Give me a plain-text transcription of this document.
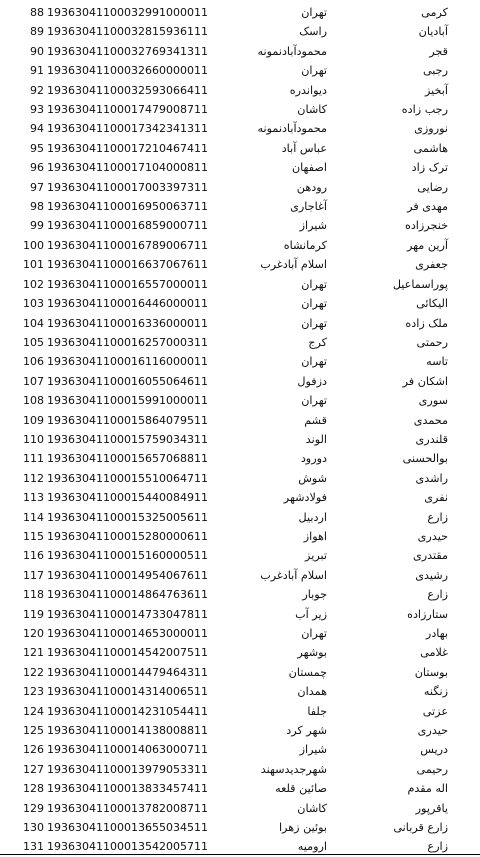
88	19363041100032991000011	تهران	کرمی
89	19363041100032815936111	راسک	آبادیان
90	19363041100032769341311	محمودآبادنمونه	قجر
91	19363041100032660000011	تهران	رجبی
92	19363041100032593066411	دیواندره	آبخیز
93	19363041100017479008711	کاشان	رجب زاده
94	19363041100017342341311	محمودآبادنمونه	نوروزی
95	19363041100017210467411	عباس آباد	هاشمی
96	19363041100017104000811	اصفهان	ترک زاد
97	19363041100017003397311	رودهن	رضایی
98	19363041100016950063711	آغاجاری	مهدی فر
99	19363041100016859000711	شیراز	خنجرزاده
100	19363041100016789006711	کرمانشاه	آرین مهر
101	19363041100016637067611	اسلام آبادغرب	جعفری
102	19363041100016557000011	تهران	پوراسماعیل
103	19363041100016446000011	تهران	الیکائی
104	19363041100016336000011	تهران	ملک زاده
105	19363041100016257000311	کرج	رحمتی
106	19363041100016116000011	تهران	تاسه
107	19363041100016055064611	دزفول	اشکان فر
108	19363041100015991000011	تهران	سوری
109	19363041100015864079511	قشم	محمدی
110	19363041100015759034311	الوند	قلندری
111	19363041100015657068811	دورود	بوالحسنی
112	19363041100015510064711	شوش	راشدی
113	19363041100015440084911	فولادشهر	نفری
114	19363041100015325005611	اردبیل	زارع
115	19363041100015280000611	اهواز	حیدری
116	19363041100015160000511	تبریز	مقتدری
117	19363041100014954067611	اسلام آبادغرب	رشیدی
118	19363041100014864763611	جوبار	زارع
119	19363041100014733047811	زیر آب	ستارزاده
120	19363041100014653000011	تهران	بهادر
121	19363041100014542007511	بوشهر	غلامی
122	19363041100014479464311	چمستان	بوستان
123	19363041100014314006511	همدان	زنگنه
124	19363041100014231054411	جلفا	عزتی
125	19363041100014138008811	شهر کرد	حیدری
126	19363041100014063000711	شیراز	دریس
127	19363041100013979053311	شهرجدیدسهند	رحیمی
128	19363041100013833457411	صائین قلعه	اله مقدم
129	19363041100013782008711	کاشان	یاقرپور
130	19363041100013655034511	بوئین زهرا	زارع قربانی
131	19363041100013542005711	ارومیه	زارع
